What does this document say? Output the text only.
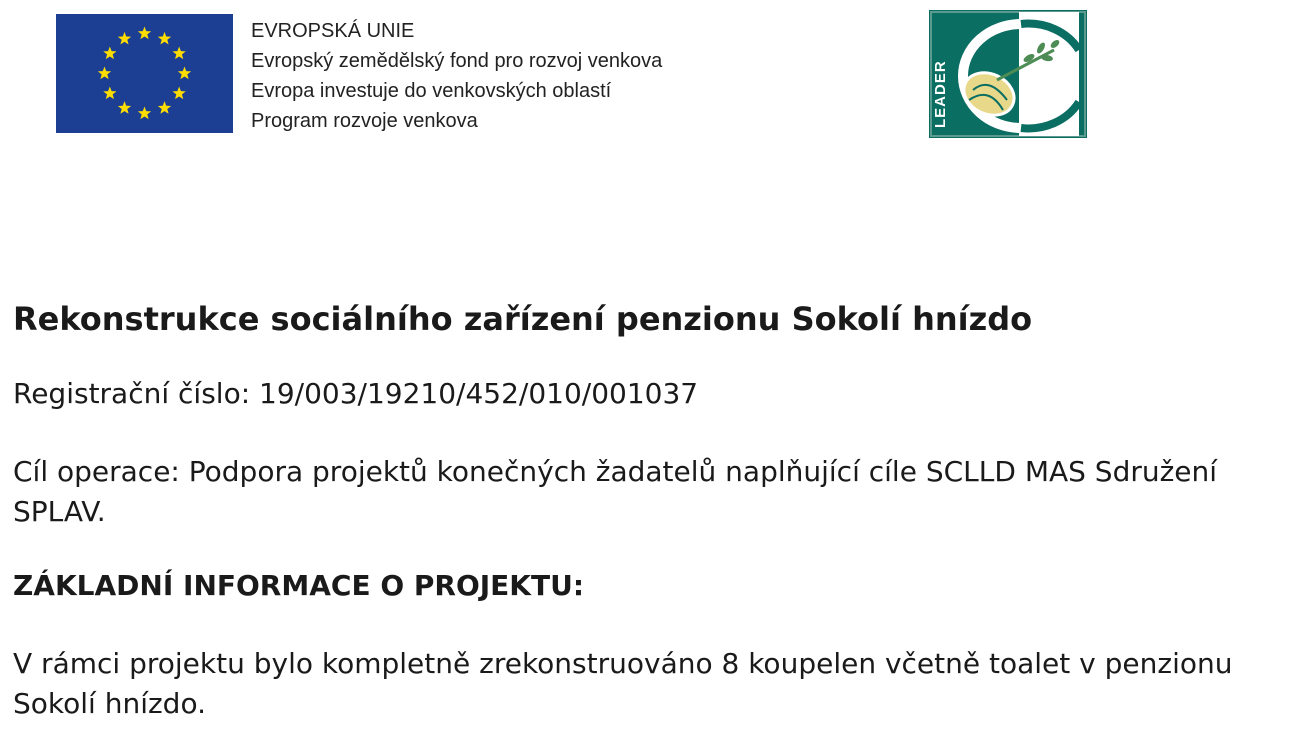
EVROPSKÁ UNIE
Evropský zemědělský fond pro rozvoj venkova
Evropa investuje do venkovských oblastí
Program rozvoje venkova	LEADER
Rekonstrukce sociálního zařízení penzionu Sokolí hnízdo

Registrační číslo: 19/003/19210/452/010/001037

Cíl operace: Podpora projektů konečných žadatelů naplňující cíle SCLLD MAS Sdružení SPLAV.

ZÁKLADNÍ INFORMACE O PROJEKTU:

V rámci projektu bylo kompletně zrekonstruováno 8 koupelen včetně toalet v penzionu Sokolí hnízdo.
